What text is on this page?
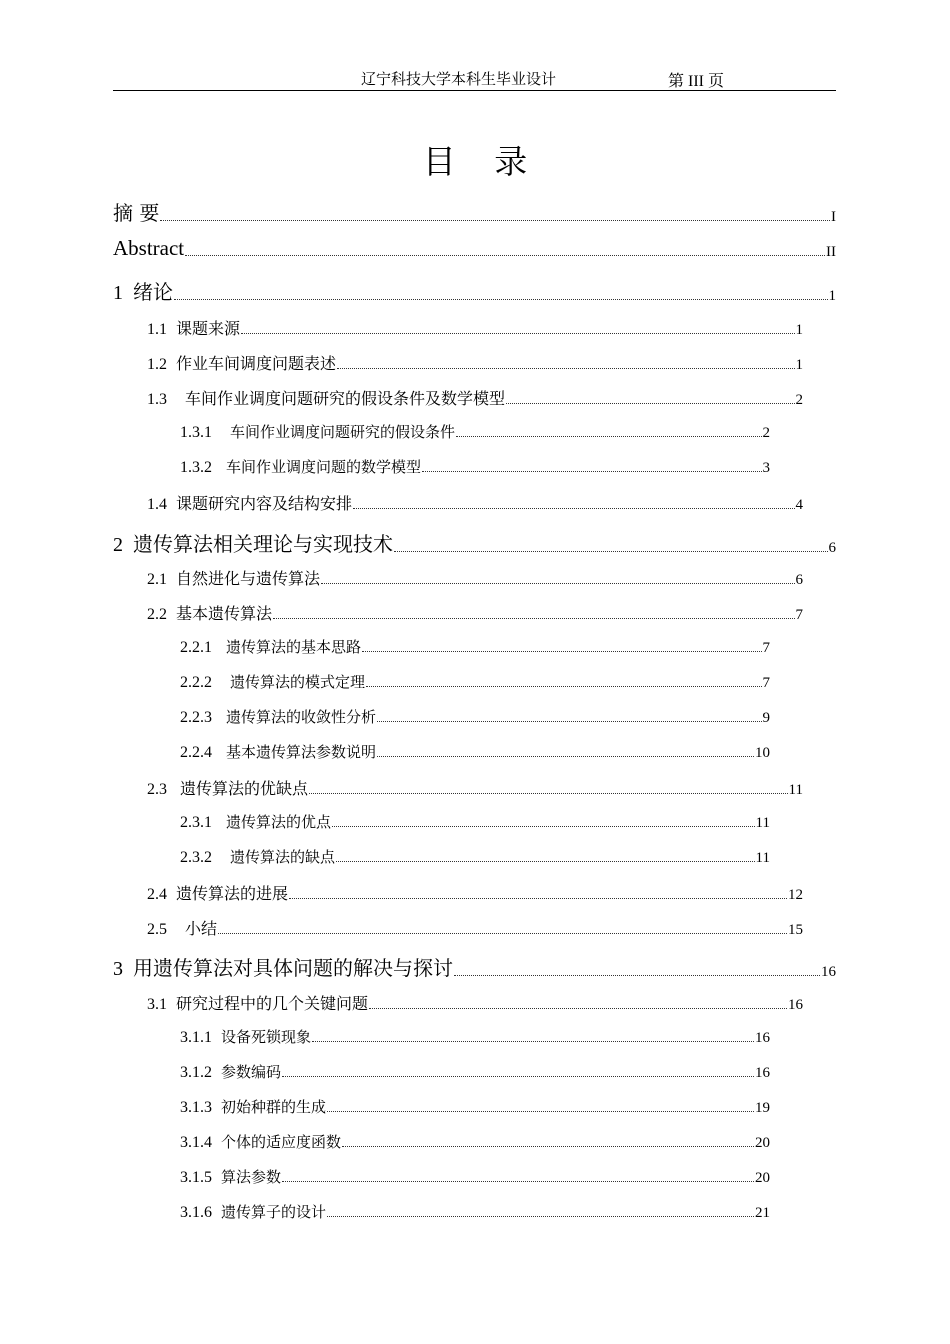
辽宁科技大学本科生毕业设计	第 III 页
目 录
摘 要	I
Abstract	II
1 绪论	1
1.1 课题来源	1
1.2 作业车间调度问题表述	1
1.3 车间作业调度问题研究的假设条件及数学模型	2
1.3.1 车间作业调度问题研究的假设条件	2
1.3.2 车间作业调度问题的数学模型	3
1.4 课题研究内容及结构安排	4
2 遗传算法相关理论与实现技术	6
2.1 自然进化与遗传算法	6
2.2 基本遗传算法	7
2.2.1 遗传算法的基本思路	7
2.2.2 遗传算法的模式定理	7
2.2.3 遗传算法的收敛性分析	9
2.2.4 基本遗传算法参数说明	10
2.3 遗传算法的优缺点	11
2.3.1 遗传算法的优点	11
2.3.2 遗传算法的缺点	11
2.4 遗传算法的进展	12
2.5 小结	15
3 用遗传算法对具体问题的解决与探讨	16
3.1 研究过程中的几个关键问题	16
3.1.1 设备死锁现象	16
3.1.2 参数编码	16
3.1.3 初始种群的生成	19
3.1.4 个体的适应度函数	20
3.1.5 算法参数	20
3.1.6 遗传算子的设计	21
